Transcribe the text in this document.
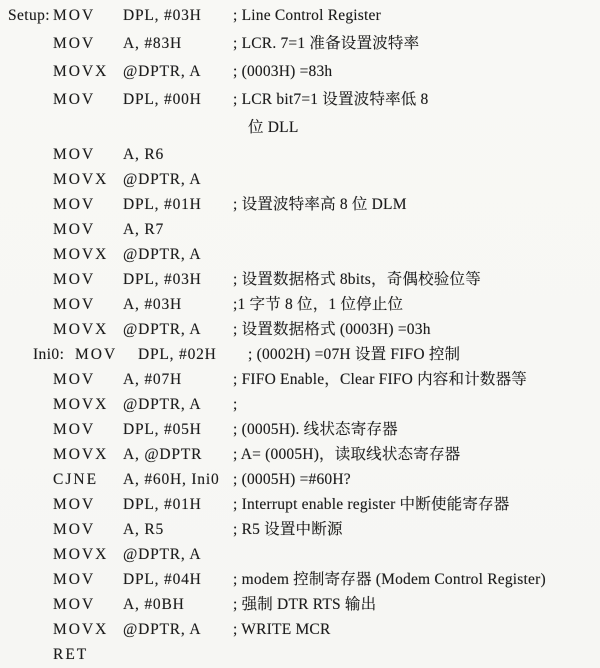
Setup: MOV DPL, #03H ; Line Control Register
MOV A, #83H	; LCR. 7=1 准备设置波特率
MOVX @DPTR, A ; (0003H) =83h
MOV DPL, #00H ; LCR bit7=1 设置波特率低 8
位 DLL
MOV A, R6
MOVX @DPTR, A
MOV DPL, #01H ; 设置波特率高 8 位 DLM
MOV A, R7
MOVX @DPTR, A
MOV DPL, #03H ; 设置数据格式 8bits，奇偶校验位等
MOV A, #03H	;1 字节 8 位，1 位停止位
MOVX @DPTR, A ; 设置数据格式 (0003H) =03h
Ini0: MOV DPL, #02H ; (0002H) =07H 设置 FIFO 控制
MOV A, #07H	; FIFO Enable，Clear FIFO 内容和计数器等
MOVX @DPTR, A ;
MOV DPL, #05H ; (0005H). 线状态寄存器
MOVX A, @DPTR ; A= (0005H)，读取线状态寄存器
CJNE A, #60H, Ini0 ; (0005H) =#60H?
MOV DPL, #01H ; Interrupt enable register 中断使能寄存器
MOV A, R5	; R5 设置中断源
MOVX @DPTR, A
MOV DPL, #04H ; modem 控制寄存器 (Modem Control Register)
MOV A, #0BH	; 强制 DTR RTS 输出
MOVX @DPTR, A ; WRITE MCR
RET
